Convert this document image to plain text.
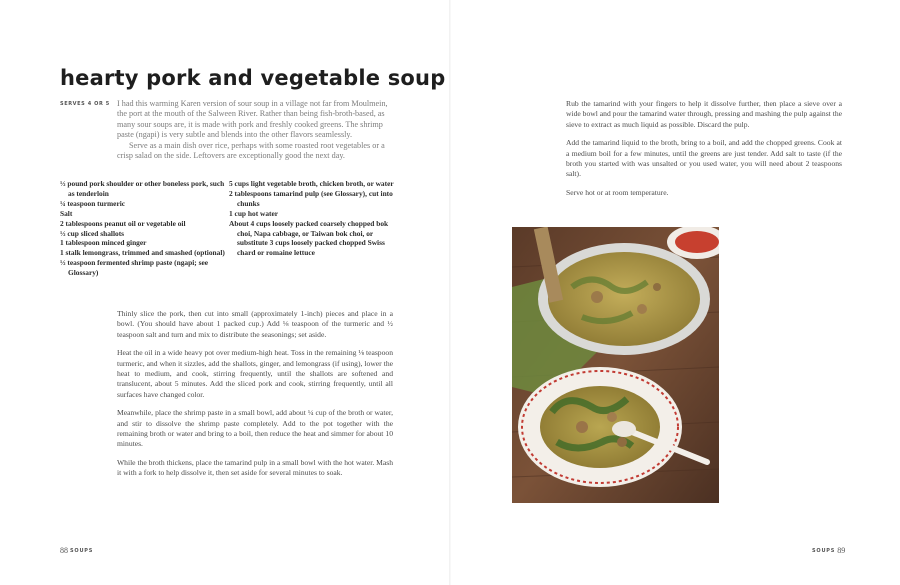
hearty pork and vegetable soup
SERVES 4 OR 5 I had this warming Karen version of sour soup in a village not far from Moulmein, the port at the mouth of the Salween River. Rather than being fish-broth-based, as many sour soups are, it is made with pork and freshly cooked greens. The shrimp paste (ngapi) is very subtle and blends into the other flavors seamlessly.

Serve as a main dish over rice, perhaps with some roasted root vegetables or a crisp salad on the side. Leftovers are exceptionally good the next day.

½ pound pork shoulder or other boneless pork, such as tenderloin
¼ teaspoon turmeric
Salt
2 tablespoons peanut oil or vegetable oil
½ cup sliced shallots
1 tablespoon minced ginger
1 stalk lemongrass, trimmed and smashed (optional)
½ teaspoon fermented shrimp paste (ngapi; see Glossary)
5 cups light vegetable broth, chicken broth, or water
2 tablespoons tamarind pulp (see Glossary), cut into chunks
1 cup hot water
About 4 cups loosely packed coarsely chopped bok choi, Napa cabbage, or Taiwan bok choi, or substitute 3 cups loosely packed chopped Swiss chard or romaine lettuce

Thinly slice the pork, then cut into small (approximately 1-inch) pieces and place in a bowl. (You should have about 1 packed cup.) Add ⅛ teaspoon of the turmeric and ½ teaspoon salt and turn and mix to distribute the seasonings; set aside.

Heat the oil in a wide heavy pot over medium-high heat. Toss in the remaining ⅛ teaspoon turmeric, and when it sizzles, add the shallots, ginger, and lemongrass (if using), lower the heat to medium, and cook, stirring frequently, until the shallots are softened and translucent, about 5 minutes. Add the sliced pork and cook, stirring frequently, until all surfaces have changed color.

Meanwhile, place the shrimp paste in a small bowl, add about ¼ cup of the broth or water, and stir to dissolve the shrimp paste completely. Add to the pot together with the remaining broth or water and bring to a boil, then reduce the heat and simmer for about 10 minutes.

While the broth thickens, place the tamarind pulp in a small bowl with the hot water. Mash it with a fork to help dissolve it, then set aside for several minutes to soak.

Rub the tamarind with your fingers to help it dissolve further, then place a sieve over a wide bowl and pour the tamarind water through, pressing and mashing the pulp against the sieve to extract as much liquid as possible. Discard the pulp.

Add the tamarind liquid to the broth, bring to a boil, and add the chopped greens. Cook at a medium boil for a few minutes, until the greens are just tender. Add salt to taste (if the broth you started with was unsalted or you used water, you will need about 2 teaspoons salt).

Serve hot or at room temperature.

88 SOUPS	SOUPS 89
